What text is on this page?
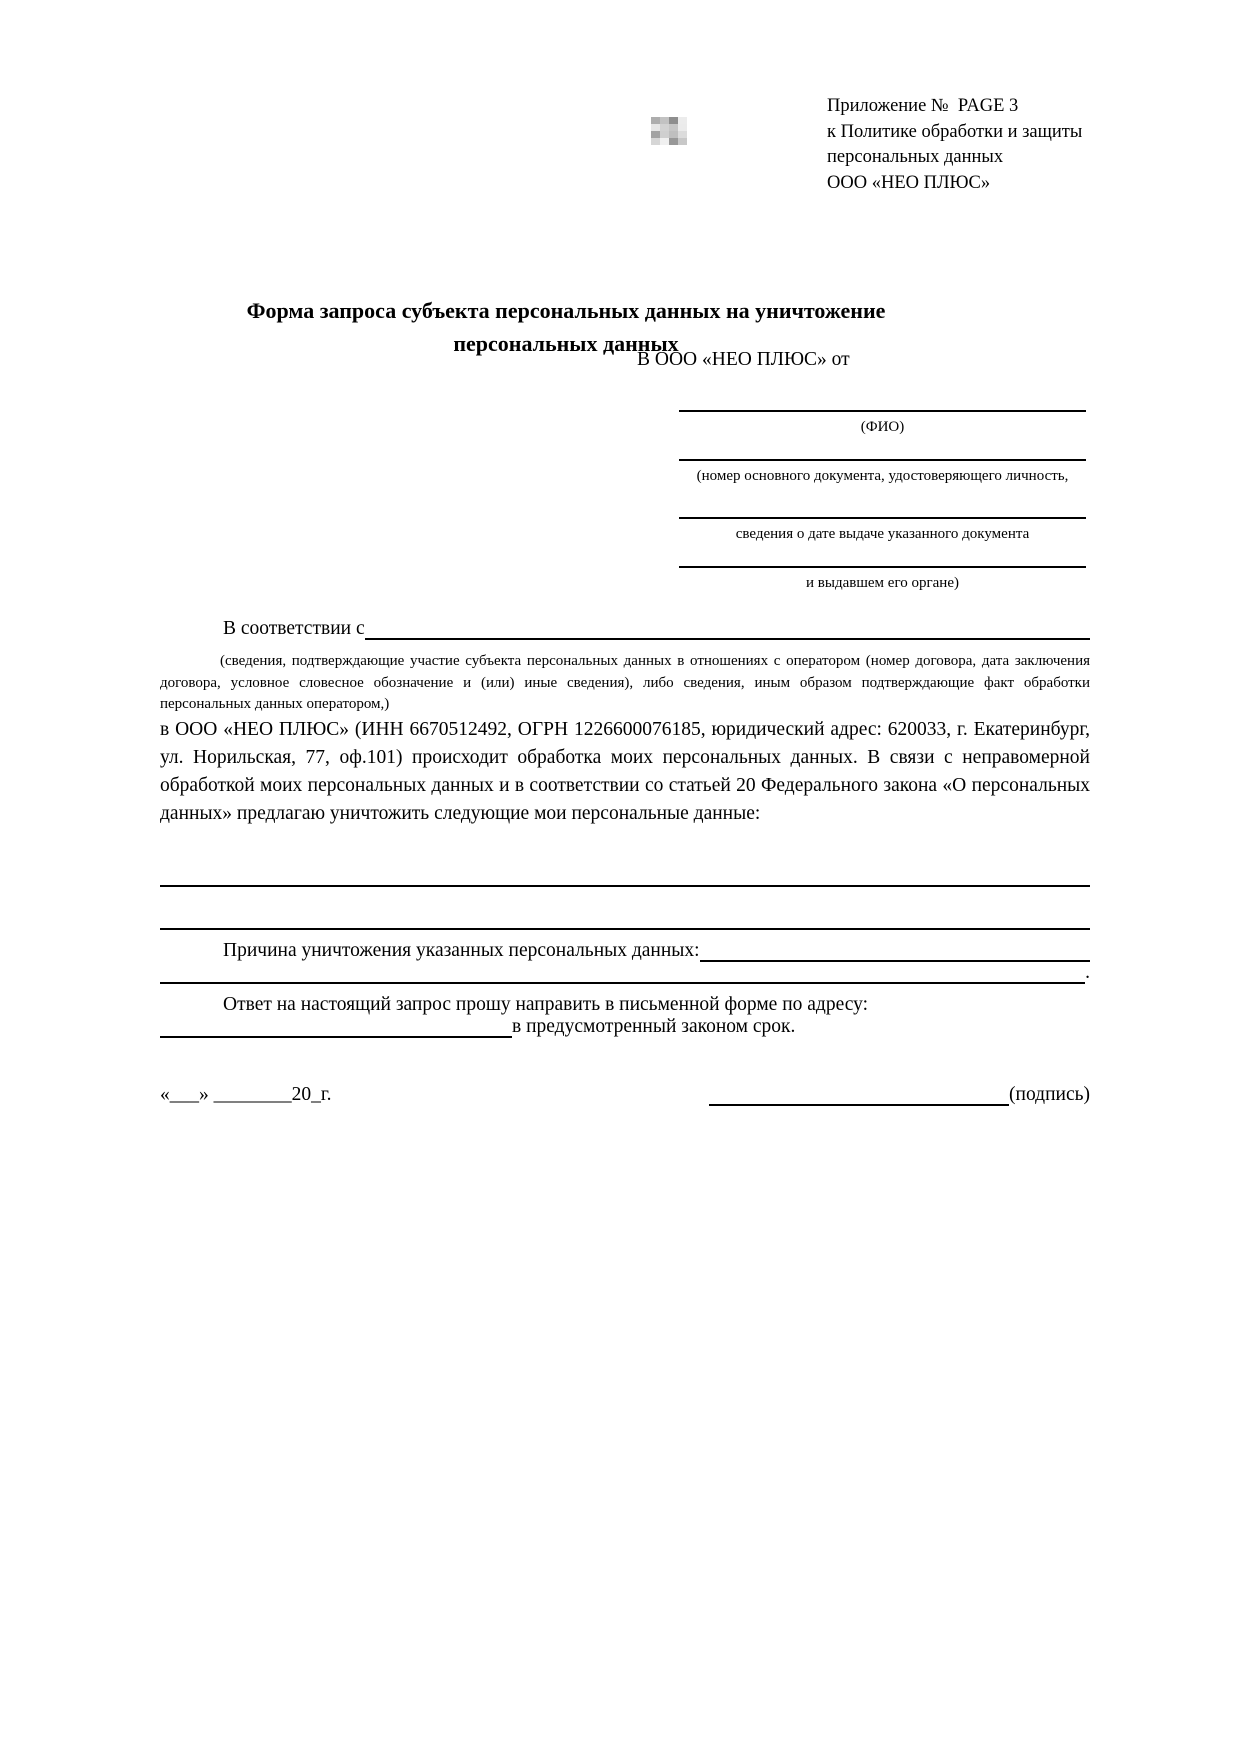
Приложение №  PAGE 3
к Политике обработки и защиты
персональных данных
ООО «НЕО ПЛЮС»
Форма запроса субъекта персональных данных на уничтожение
персональных данных
В ООО «НЕО ПЛЮС» от
(ФИО)
(номер основного документа, удостоверяющего личность,
сведения о дате выдаче указанного документа
и выдавшем его органе)
В соответствии с
(сведения, подтверждающие участие субъекта персональных данных в отношениях с оператором (номер договора, дата заключения договора, условное словесное обозначение и (или) иные сведения), либо сведения, иным образом подтверждающие факт обработки персональных данных оператором,)
в ООО «НЕО ПЛЮС» (ИНН 6670512492, ОГРН 1226600076185, юридический адрес: 620033, г. Екатеринбург, ул. Норильская, 77, оф.101) происходит обработка моих персональных данных. В связи с неправомерной обработкой моих персональных данных и в соответствии со статьей 20 Федерального закона «О персональных данных» предлагаю уничтожить следующие мои персональные данные:
Причина уничтожения указанных персональных данных:
.
Ответ на настоящий запрос прошу направить в письменной форме по адресу:
в предусмотренный законом срок.
«___» ________20_г.	(подпись)
